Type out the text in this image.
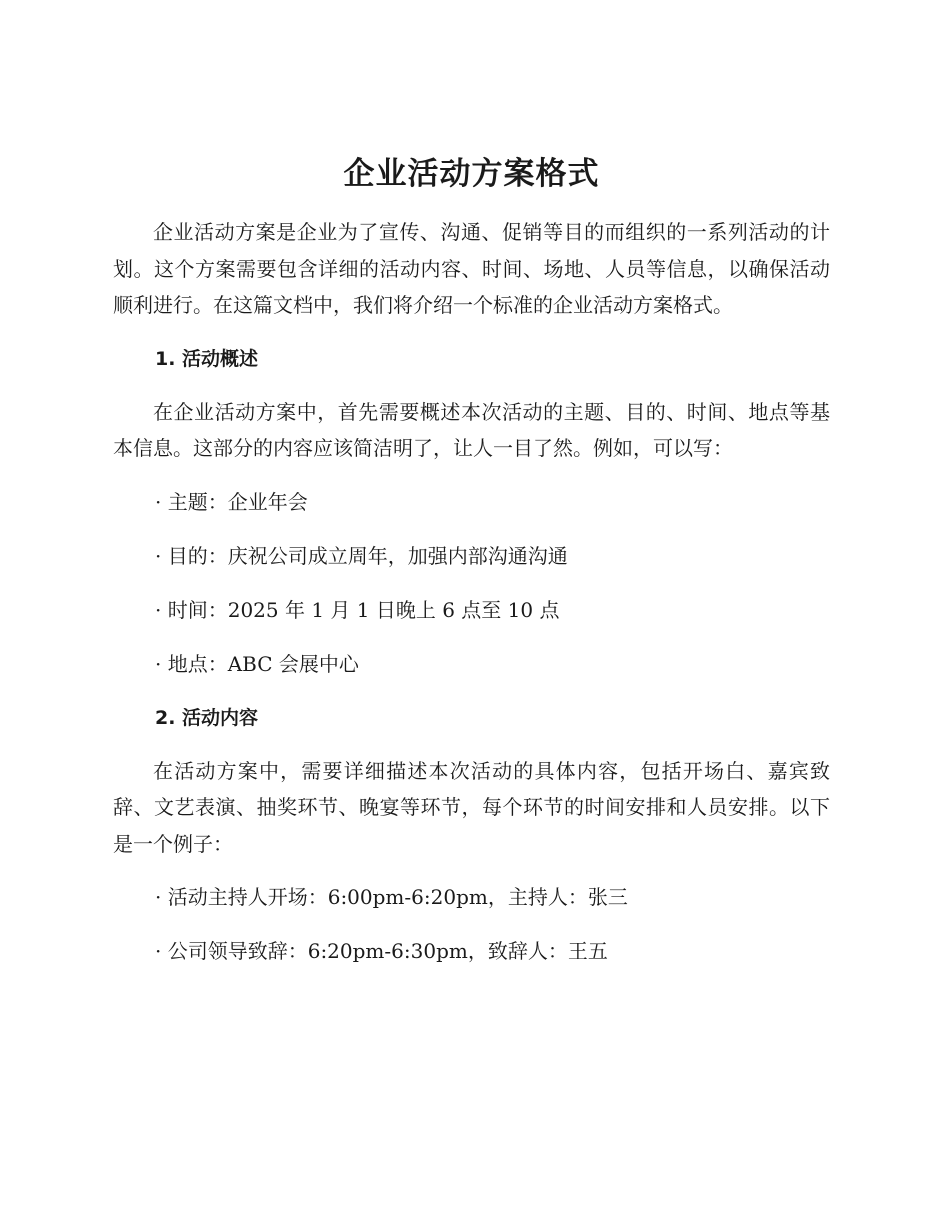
企业活动方案格式

企业活动方案是企业为了宣传、沟通、促销等目的而组织的一系列活动的计划。这个方案需要包含详细的活动内容、时间、场地、人员等信息，以确保活动顺利进行。在这篇文档中，我们将介绍一个标准的企业活动方案格式。

1. 活动概述

在企业活动方案中，首先需要概述本次活动的主题、目的、时间、地点等基本信息。这部分的内容应该简洁明了，让人一目了然。例如，可以写：

· 主题：企业年会
· 目的：庆祝公司成立周年，加强内部沟通沟通
· 时间：2025 年 1 月 1 日晚上 6 点至 10 点
· 地点：ABC 会展中心
2. 活动内容

在活动方案中，需要详细描述本次活动的具体内容，包括开场白、嘉宾致辞、文艺表演、抽奖环节、晚宴等环节，每个环节的时间安排和人员安排。以下是一个例子：

· 活动主持人开场：6:00pm-6:20pm，主持人：张三
· 公司领导致辞：6:20pm-6:30pm，致辞人：王五
